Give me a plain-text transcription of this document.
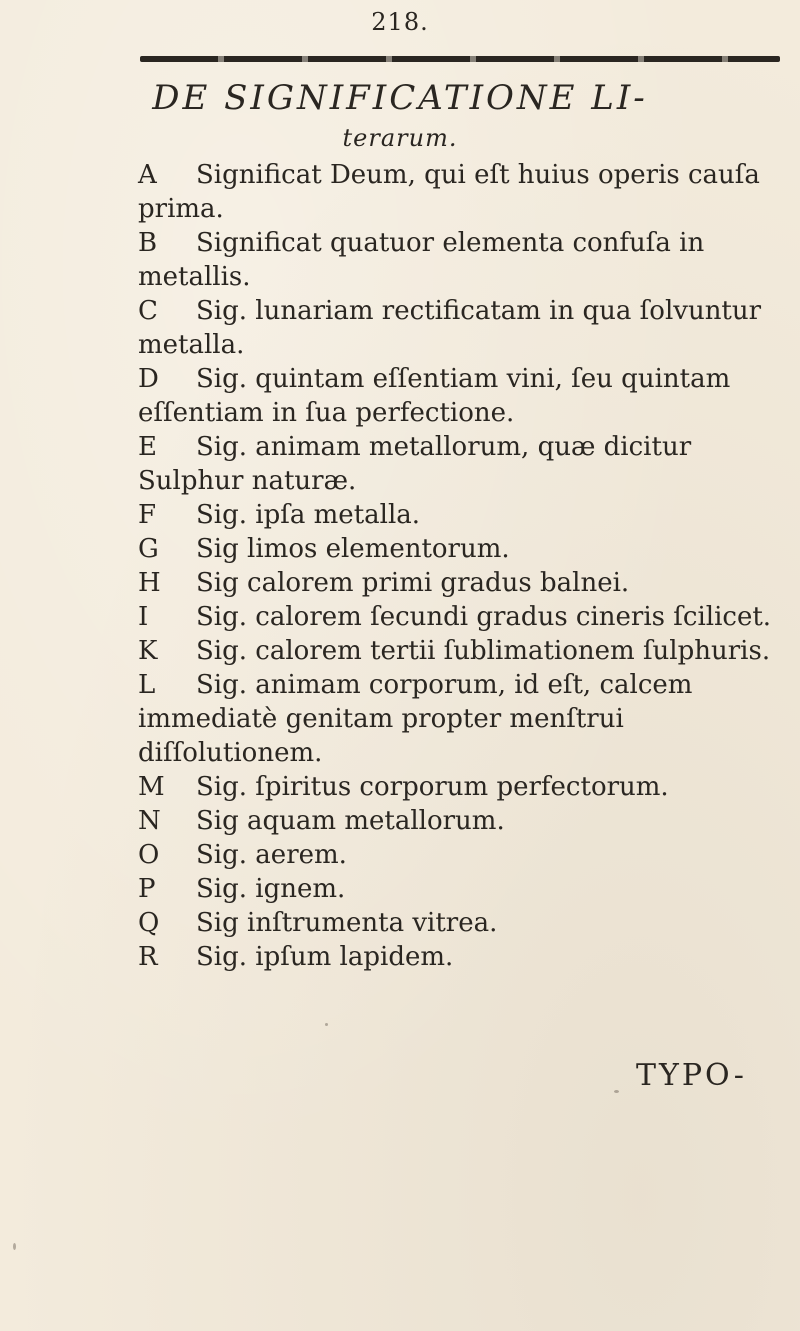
218.
DE SIGNIFICATIONE LI-
terarum.
A Significat Deum, qui eſt huius operis cauſa prima.
B Significat quatuor elementa confuſa in metallis.
C Sig. lunariam rectificatam in qua ſolvuntur metalla.
D Sig. quintam eſſentiam vini, ſeu quintam eſſentiam in ſua perfectione.
E Sig. animam metallorum, quæ dicitur Sulphur naturæ.
F Sig. ipſa metalla.
G Sig limos elementorum.
H Sig calorem primi gradus balnei.
I Sig. calorem ſecundi gradus cineris ſcilicet.
K Sig. calorem tertii ſublimationem ſulphuris.
L Sig. animam corporum, id eſt, calcem immediatè genitam propter menſtrui diſſolutionem.
M Sig. ſpiritus corporum perfectorum.
N Sig aquam metallorum.
O Sig. aerem.
P Sig. ignem.
Q Sig inſtrumenta vitrea.
R Sig. ipſum lapidem.
TYPO-
